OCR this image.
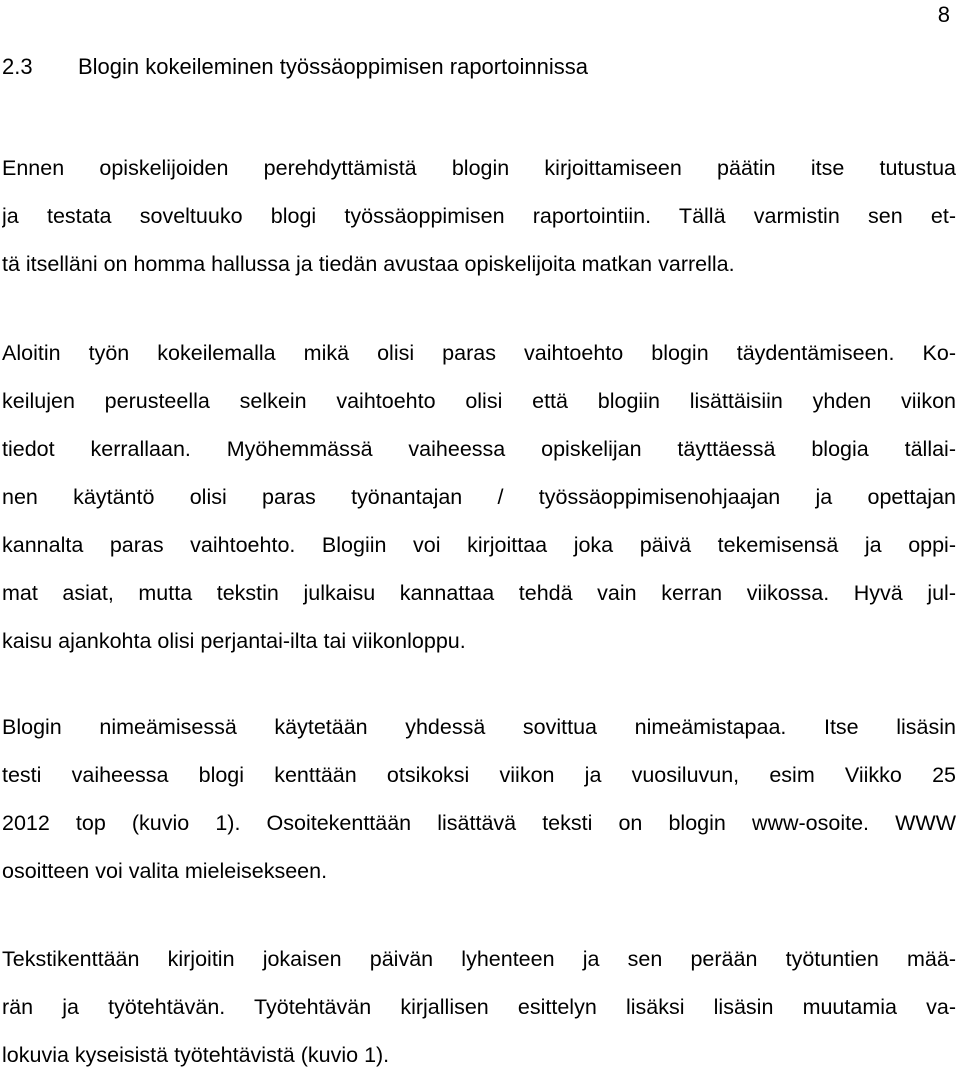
8
2.3 Blogin kokeileminen työssäoppimisen raportoinnissa
Ennen opiskelijoiden perehdyttämistä blogin kirjoittamiseen päätin itse tutustua
ja testata soveltuuko blogi työssäoppimisen raportointiin. Tällä varmistin sen et-
tä itselläni on homma hallussa ja tiedän avustaa opiskelijoita matkan varrella.
Aloitin työn kokeilemalla mikä olisi paras vaihtoehto blogin täydentämiseen. Ko-
keilujen perusteella selkein vaihtoehto olisi että blogiin lisättäisiin yhden viikon
tiedot kerrallaan. Myöhemmässä vaiheessa opiskelijan täyttäessä blogia tällai-
nen käytäntö olisi paras työnantajan / työssäoppimisenohjaajan ja opettajan
kannalta paras vaihtoehto. Blogiin voi kirjoittaa joka päivä tekemisensä ja oppi-
mat asiat, mutta tekstin julkaisu kannattaa tehdä vain kerran viikossa. Hyvä jul-
kaisu ajankohta olisi perjantai-ilta tai viikonloppu.
Blogin nimeämisessä käytetään yhdessä sovittua nimeämistapaa. Itse lisäsin
testi vaiheessa blogi kenttään otsikoksi viikon ja vuosiluvun, esim Viikko 25
2012 top (kuvio 1). Osoitekenttään lisättävä teksti on blogin www-osoite. WWW
osoitteen voi valita mieleisekseen.
Tekstikenttään kirjoitin jokaisen päivän lyhenteen ja sen perään työtuntien mää-
rän ja työtehtävän. Työtehtävän kirjallisen esittelyn lisäksi lisäsin muutamia va-
lokuvia kyseisistä työtehtävistä (kuvio 1).
